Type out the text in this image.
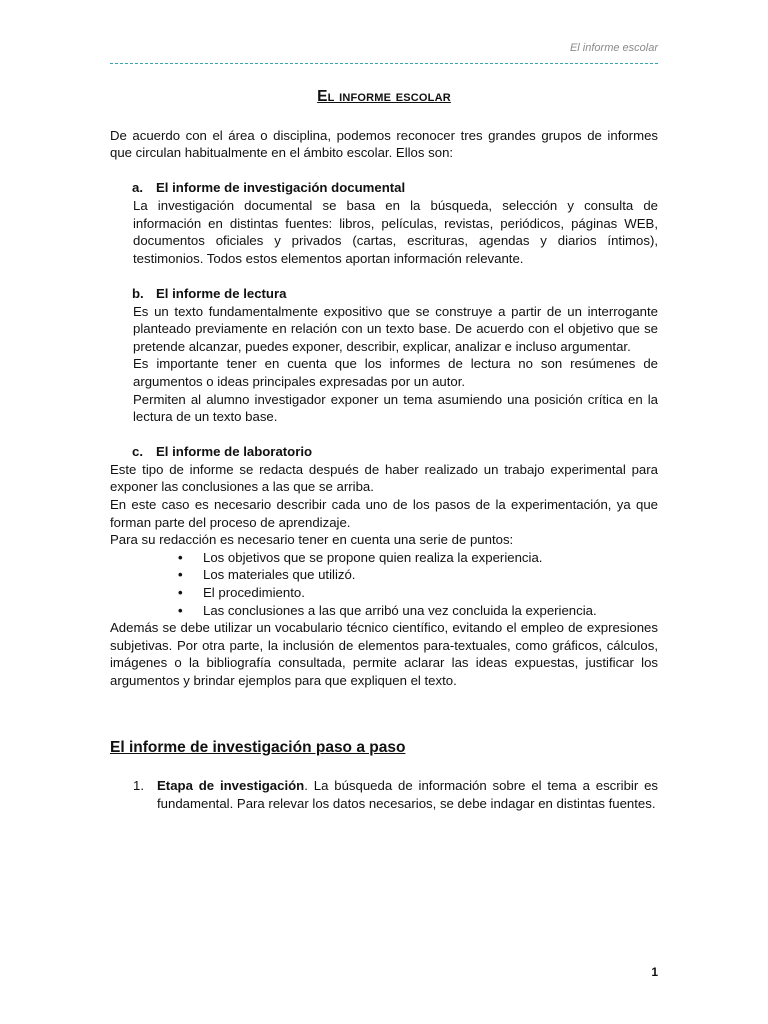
El informe escolar
El informe escolar

De acuerdo con el área o disciplina, podemos reconocer tres grandes grupos de informes que circulan habitualmente en el ámbito escolar. Ellos son:

a. El informe de investigación documental

La investigación documental se basa en la búsqueda, selección y consulta de información en distintas fuentes: libros, películas, revistas, periódicos, páginas WEB, documentos oficiales y privados (cartas, escrituras, agendas y diarios íntimos), testimonios. Todos estos elementos aportan información relevante.

b. El informe de lectura

Es un texto fundamentalmente expositivo que se construye a partir de un interrogante planteado previamente en relación con un texto base. De acuerdo con el objetivo que se pretende alcanzar, puedes exponer, describir, explicar, analizar e incluso argumentar.

Es importante tener en cuenta que los informes de lectura no son resúmenes de argumentos o ideas principales expresadas por un autor.

Permiten al alumno investigador exponer un tema asumiendo una posición crítica en la lectura de un texto base.

c. El informe de laboratorio

Este tipo de informe se redacta después de haber realizado un trabajo experimental para exponer las conclusiones a las que se arriba.

En este caso es necesario describir cada uno de los pasos de la experimentación, ya que forman parte del proceso de aprendizaje.

Para su redacción es necesario tener en cuenta una serie de puntos:

•	Los objetivos que se propone quien realiza la experiencia.
•	Los materiales que utilizó.
•	El procedimiento.
•	Las conclusiones a las que arribó una vez concluida la experiencia.

Además se debe utilizar un vocabulario técnico científico, evitando el empleo de expresiones subjetivas. Por otra parte, la inclusión de elementos para-textuales, como gráficos, cálculos, imágenes o la bibliografía consultada, permite aclarar las ideas expuestas, justificar los argumentos y brindar ejemplos para que expliquen el texto.

El informe de investigación paso a paso
1. Etapa de investigación. La búsqueda de información sobre el tema a escribir es fundamental. Para relevar los datos necesarios, se debe indagar en distintas fuentes.
1
